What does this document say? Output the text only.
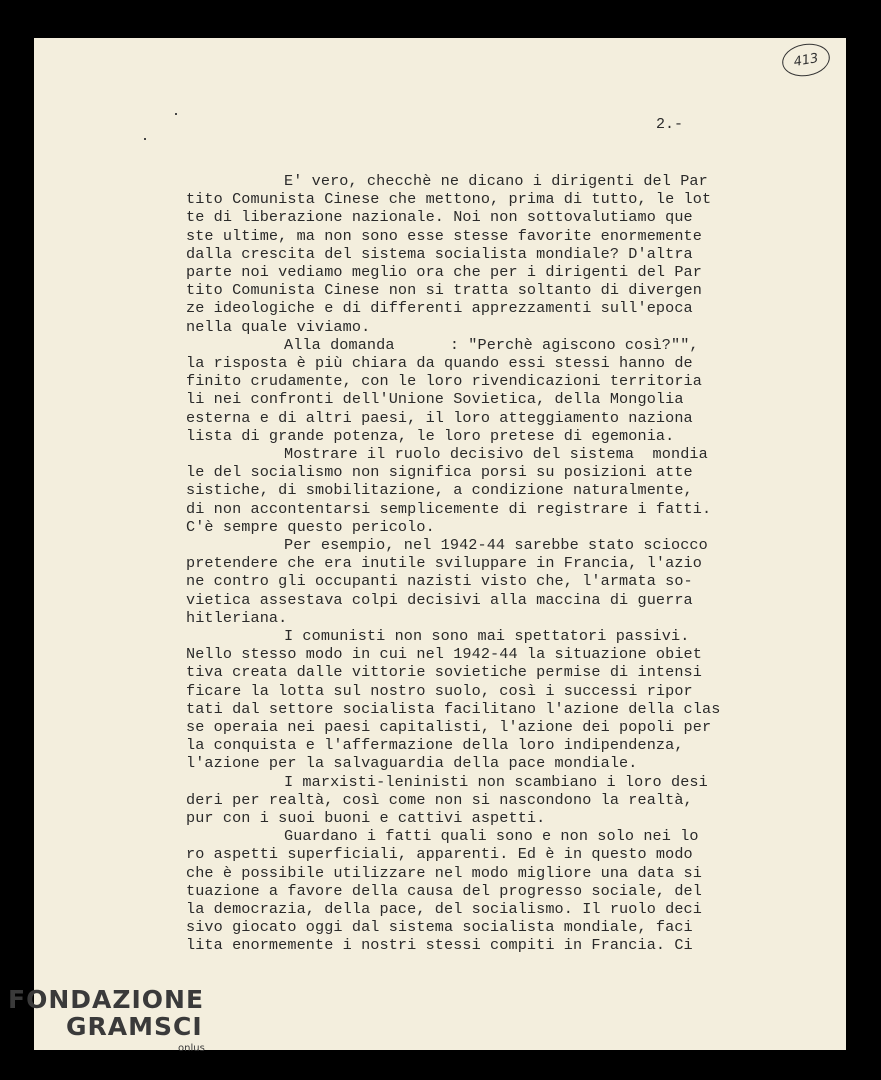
413
2.-
E' vero, checchè ne dicano i dirigenti del Par
tito Comunista Cinese che mettono, prima di tutto, le lot
te di liberazione nazionale. Noi non sottovalutiamo que
ste ultime, ma non sono esse stesse favorite enormemente
dalla crescita del sistema socialista mondiale? D'altra
parte noi vediamo meglio ora che per i dirigenti del Par
tito Comunista Cinese non si tratta soltanto di divergen
ze ideologiche e di differenti apprezzamenti sull'epoca
nella quale viviamo.
Alla domanda      : "Perchè agiscono così?"",
la risposta è più chiara da quando essi stessi hanno de
finito crudamente, con le loro rivendicazioni territoria
li nei confronti dell'Unione Sovietica, della Mongolia
esterna e di altri paesi, il loro atteggiamento naziona
lista di grande potenza, le loro pretese di egemonia.
Mostrare il ruolo decisivo del sistema  mondia
le del socialismo non significa porsi su posizioni atte
sistiche, di smobilitazione, a condizione naturalmente,
di non accontentarsi semplicemente di registrare i fatti.
C'è sempre questo pericolo.
Per esempio, nel 1942-44 sarebbe stato sciocco
pretendere che era inutile sviluppare in Francia, l'azio
ne contro gli occupanti nazisti visto che, l'armata so-
vietica assestava colpi decisivi alla maccina di guerra
hitleriana.
I comunisti non sono mai spettatori passivi.
Nello stesso modo in cui nel 1942-44 la situazione obiet
tiva creata dalle vittorie sovietiche permise di intensi
ficare la lotta sul nostro suolo, così i successi ripor
tati dal settore socialista facilitano l'azione della clas
se operaia nei paesi capitalisti, l'azione dei popoli per
la conquista e l'affermazione della loro indipendenza,
l'azione per la salvaguardia della pace mondiale.
I marxisti-leninisti non scambiano i loro desi
deri per realtà, così come non si nascondono la realtà,
pur con i suoi buoni e cattivi aspetti.
Guardano i fatti quali sono e non solo nei lo
ro aspetti superficiali, apparenti. Ed è in questo modo
che è possibile utilizzare nel modo migliore una data si
tuazione a favore della causa del progresso sociale, del
la democrazia, della pace, del socialismo. Il ruolo deci
sivo giocato oggi dal sistema socialista mondiale, faci
lita enormemente i nostri stessi compiti in Francia. Ci
FONDAZIONE
GRAMSCI
onlus
